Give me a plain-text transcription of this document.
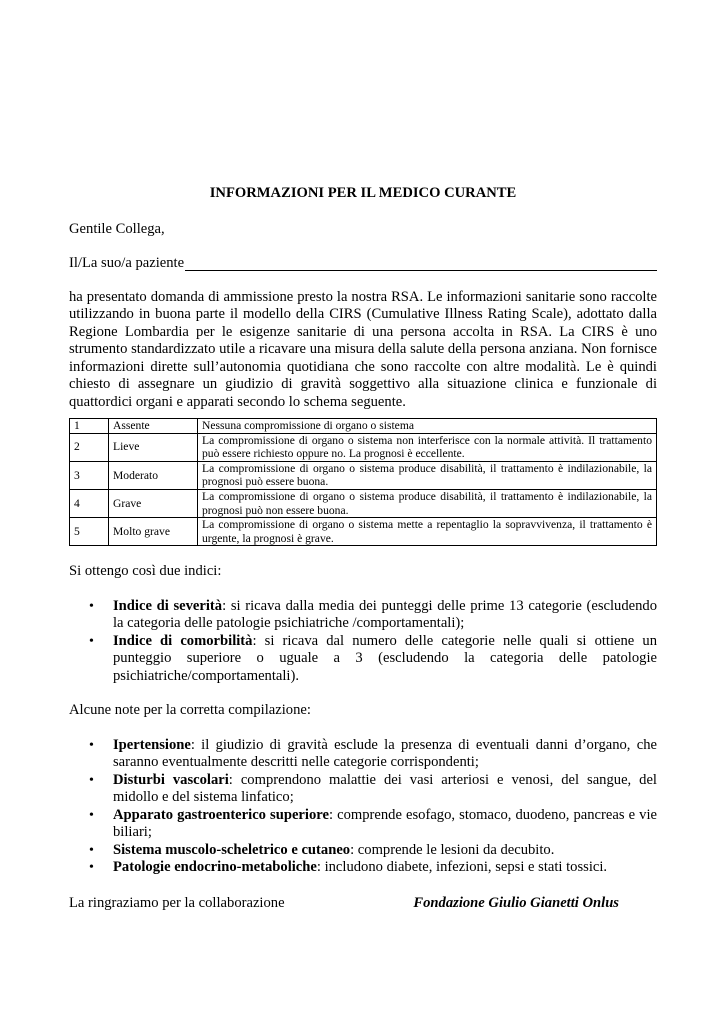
INFORMAZIONI PER IL MEDICO CURANTE
Gentile Collega,
Il/La suo/a paziente
ha presentato domanda di ammissione presto la nostra RSA. Le informazioni sanitarie sono raccolte utilizzando in buona parte il modello della CIRS (Cumulative Illness Rating Scale), adottato dalla Regione Lombardia per le esigenze sanitarie di una persona accolta in RSA. La CIRS è uno strumento standardizzato utile a ricavare una misura della salute della persona anziana. Non fornisce informazioni dirette sull’autonomia quotidiana che sono raccolte con altre modalità. Le è quindi chiesto di assegnare un giudizio di gravità soggettivo alla situazione clinica e funzionale di quattordici organi e apparati secondo lo schema seguente.
1	Assente	Nessuna compromissione di organo o sistema
2	Lieve	La compromissione di organo o sistema non interferisce con la normale attività. Il trattamento può essere richiesto oppure no. La prognosi è eccellente.
3	Moderato	La compromissione di organo o sistema produce disabilità, il trattamento è indilazionabile, la prognosi può essere buona.
4	Grave	La compromissione di organo o sistema produce disabilità, il trattamento è indilazionabile, la prognosi può non essere buona.
5	Molto grave	La compromissione di organo o sistema mette a repentaglio la sopravvivenza, il trattamento è urgente, la prognosi è grave.
Si ottengo così due indici:
• Indice di severità: si ricava dalla media dei punteggi delle prime 13 categorie (escludendo la categoria delle patologie psichiatriche /comportamentali);
• Indice di comorbilità: si ricava dal numero delle categorie nelle quali si ottiene un punteggio superiore o uguale a 3 (escludendo la categoria delle patologie psichiatriche/comportamentali).
Alcune note per la corretta compilazione:
• Ipertensione: il giudizio di gravità esclude la presenza di eventuali danni d’organo, che saranno eventualmente descritti nelle categorie corrispondenti;
• Disturbi vascolari: comprendono malattie dei vasi arteriosi e venosi, del sangue, del midollo e del sistema linfatico;
• Apparato gastroenterico superiore: comprende esofago, stomaco, duodeno, pancreas e vie biliari;
• Sistema muscolo-scheletrico e cutaneo: comprende le lesioni da decubito.
• Patologie endocrino-metaboliche: includono diabete, infezioni, sepsi e stati tossici.
La ringraziamo per la collaborazione	Fondazione Giulio Gianetti Onlus
